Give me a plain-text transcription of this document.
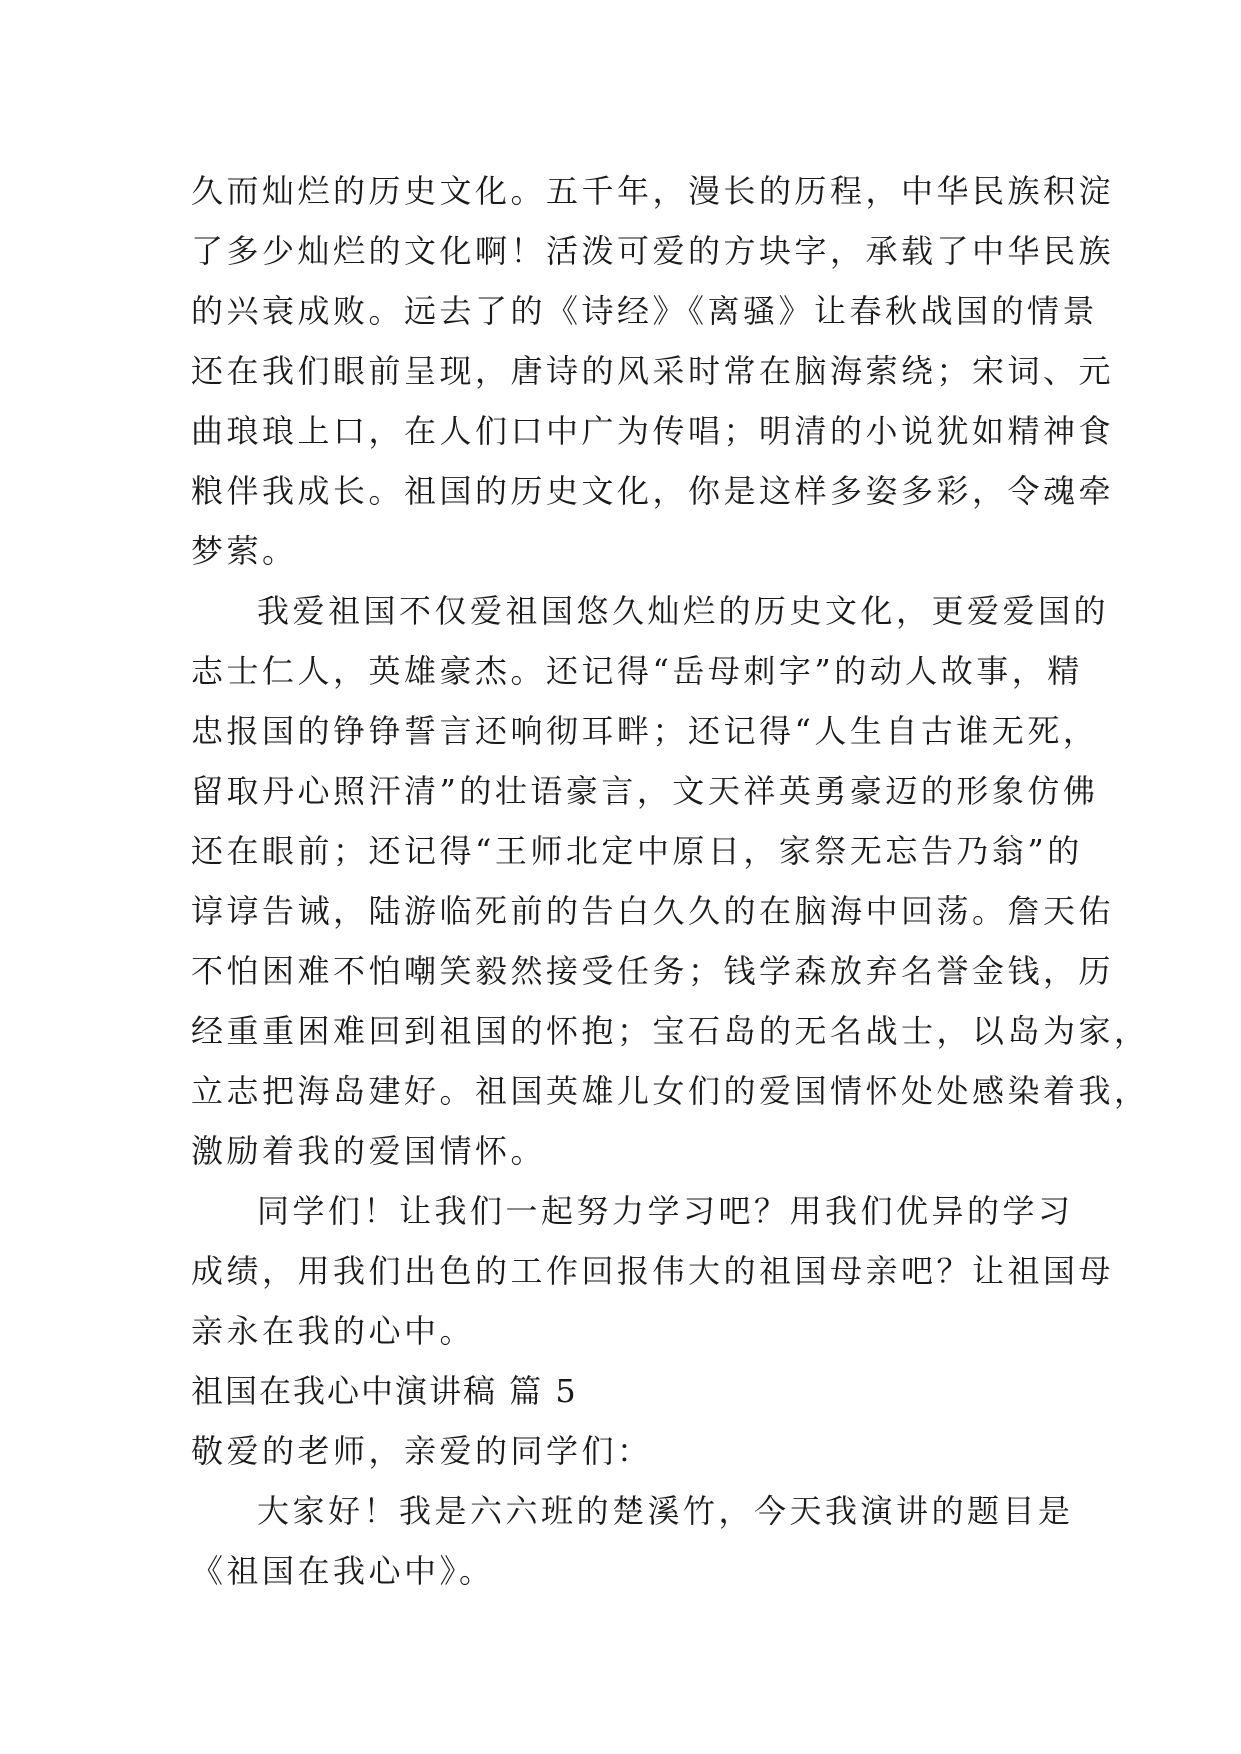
久而灿烂的历史文化。五千年，漫长的历程，中华民族积淀
了多少灿烂的文化啊！活泼可爱的方块字，承载了中华民族
的兴衰成败。远去了的《诗经》《离骚》让春秋战国的情景
还在我们眼前呈现，唐诗的风采时常在脑海萦绕；宋词、元
曲琅琅上口，在人们口中广为传唱；明清的小说犹如精神食
粮伴我成长。祖国的历史文化，你是这样多姿多彩，令魂牵
梦萦。
我爱祖国不仅爱祖国悠久灿烂的历史文化，更爱爱国的
志士仁人，英雄豪杰。还记得“岳母刺字”的动人故事，精
忠报国的铮铮誓言还响彻耳畔；还记得“人生自古谁无死，
留取丹心照汗清”的壮语豪言，文天祥英勇豪迈的形象仿佛
还在眼前；还记得“王师北定中原日，家祭无忘告乃翁”的
谆谆告诫，陆游临死前的告白久久的在脑海中回荡。詹天佑
不怕困难不怕嘲笑毅然接受任务；钱学森放弃名誉金钱，历
经重重困难回到祖国的怀抱；宝石岛的无名战士，以岛为家，
立志把海岛建好。祖国英雄儿女们的爱国情怀处处感染着我，
激励着我的爱国情怀。
同学们！让我们一起努力学习吧？用我们优异的学习
成绩，用我们出色的工作回报伟大的祖国母亲吧？让祖国母
亲永在我的心中。
祖国在我心中演讲稿 篇 5
敬爱的老师，亲爱的同学们：
大家好！我是六六班的楚溪竹，今天我演讲的题目是
《祖国在我心中》。
